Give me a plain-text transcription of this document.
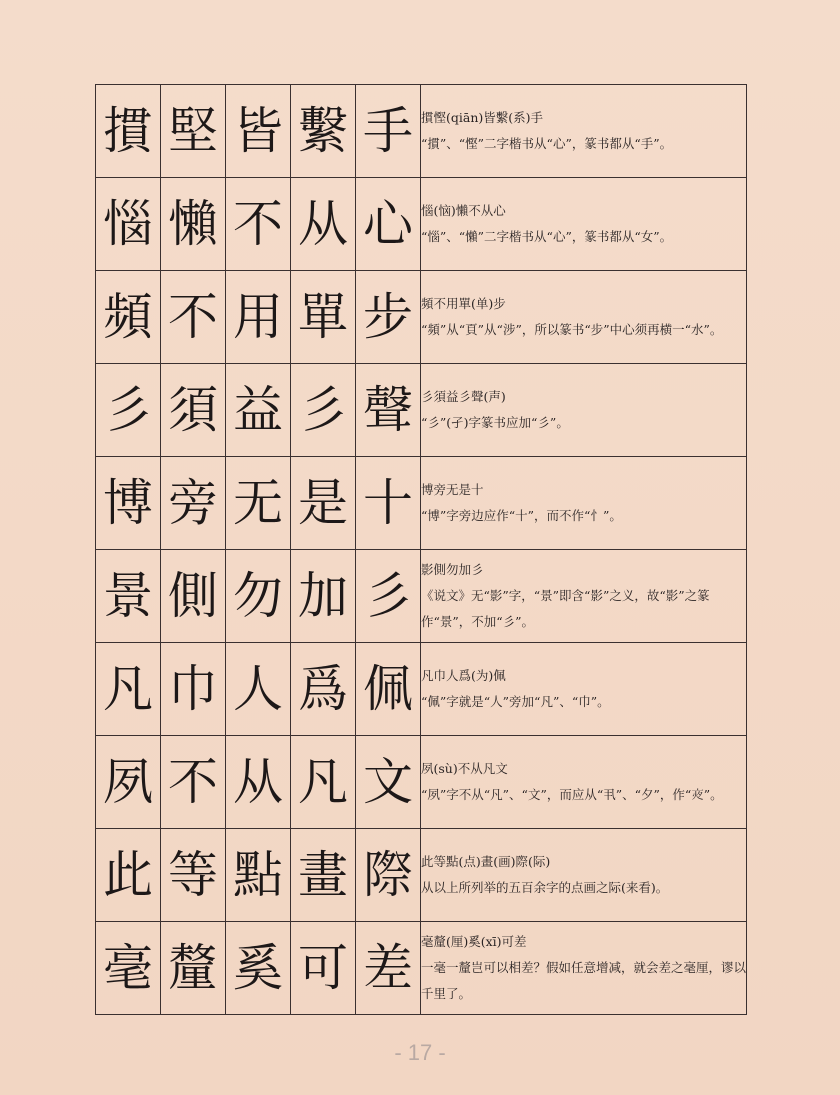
摜	堅	皆	繫	手	摜慳(qiān)皆繫(系)手
“摜”、“慳”二字楷书从“心”，篆书都从“手”。

惱	懶	不	从	心	惱(恼)懶不从心
“惱”、“懶”二字楷书从“心”，篆书都从“女”。

頻	不	用	單	步	頻不用單(单)步
“頻”从“頁”从“涉”，所以篆书“步”中心须再横一“水”。

彡	須	益	彡	聲	彡須益彡聲(声)
“彡”(孑)字篆书应加“彡”。

博	旁	无	是	十	博旁无是十
“博”字旁边应作“十”，而不作“忄”。

景	側	勿	加	彡	影側勿加彡
《说文》无“影”字，“景”即含“影”之义，故“影”之篆作“景”，不加“彡”。

凡	巾	人	爲	佩	凡巾人爲(为)佩
“佩”字就是“人”旁加“凡”、“巾”。

夙	不	从	凡	文	夙(sù)不从凡文
“夙”字不从“凡”、“文”，而应从“丮”、“夕”，作“𡖍”。

此	等	點	畫	際	此等點(点)畫(画)際(际)
从以上所列举的五百余字的点画之际(来看)。

毫	釐	奚	可	差	毫釐(厘)奚(xī)可差
一毫一釐岂可以相差？假如任意增减，就会差之毫厘，谬以千里了。
- 17 -
